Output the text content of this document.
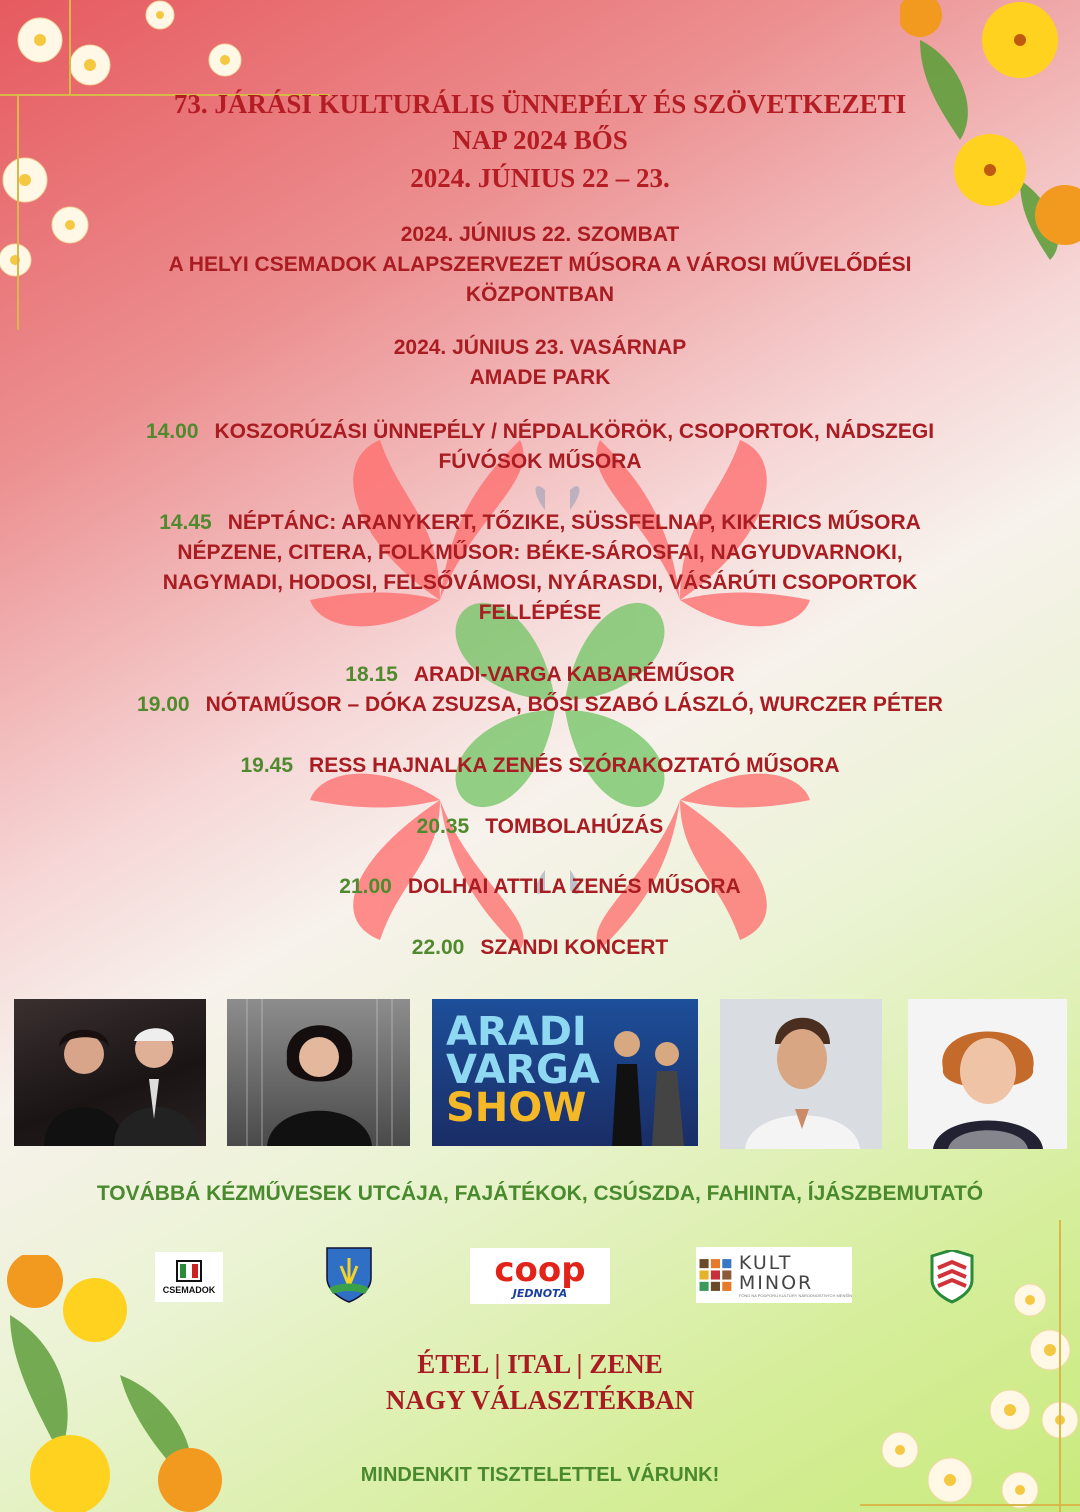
73. JÁRÁSI KULTURÁLIS ÜNNEPÉLY ÉS SZÖVETKEZETI
NAP 2024 BŐS
2024. JÚNIUS 22 – 23.
2024. JÚNIUS 22. SZOMBAT
A HELYI CSEMADOK ALAPSZERVEZET MŰSORA A VÁROSI MŰVELŐDÉSI
KÖZPONTBAN
2024. JÚNIUS 23. VASÁRNAP
AMADE PARK
14.00 KOSZORÚZÁSI ÜNNEPÉLY / NÉPDALKÖRÖK, CSOPORTOK, NÁDSZEGI
FÚVÓSOK MŰSORA
14.45 NÉPTÁNC: ARANYKERT, TŐZIKE, SÜSSFELNAP, KIKERICS MŰSORA
NÉPZENE, CITERA, FOLKMŰSOR: BÉKE-SÁROSFAI, NAGYUDVARNOKI,
NAGYMADI, HODOSI, FELSŐVÁMOSI, NYÁRASDI, VÁSÁRÚTI CSOPORTOK
FELLÉPÉSE
18.15 ARADI-VARGA KABARÉMŰSOR
19.00 NÓTAMŰSOR – DÓKA ZSUZSA, BŐSI SZABÓ LÁSZLÓ, WURCZER PÉTER
19.45 RESS HAJNALKA ZENÉS SZÓRAKOZTATÓ MŰSORA
20.35 TOMBOLAHÚZÁS
21.00 DOLHAI ATTILA ZENÉS MŰSORA
22.00 SZANDI KONCERT
ARADI
VARGA
SHOW
TOVÁBBÁ KÉZMŰVESEK UTCÁJA, FAJÁTÉKOK, CSÚSZDA, FAHINTA, ÍJÁSZBEMUTATÓ
CSEMADOK
coop
JEDNOTA
KULT
MINOR
FOND NA PODPORU KULTÚRY NÁRODNOSTNÝCH MENŠÍN
ÉTEL | ITAL | ZENE
NAGY VÁLASZTÉKBAN
MINDENKIT TISZTELETTEL VÁRUNK!
